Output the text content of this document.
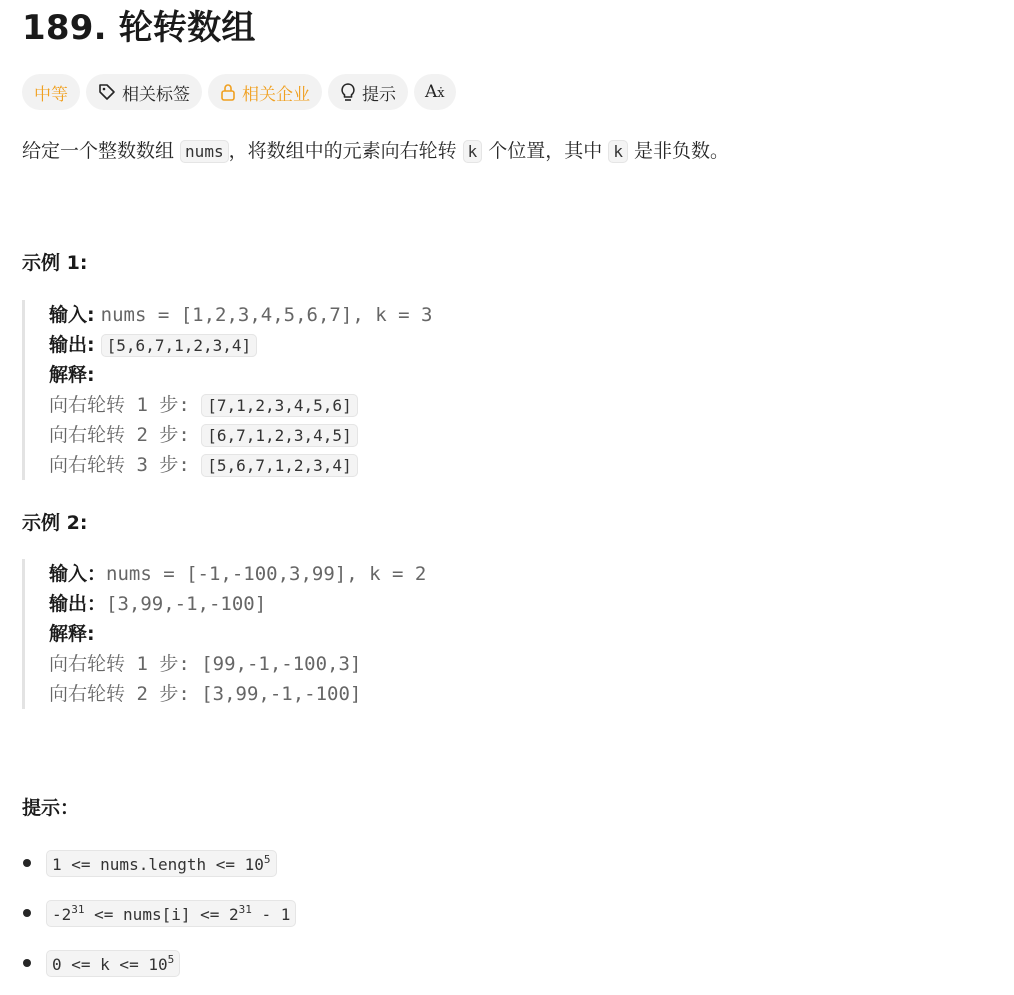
189. 轮转数组
中等	相关标签	相关企业	提示 Aẋ
给定一个整数数组 nums ，将数组中的元素向右轮转 k 个位置，其中 k 是非负数。
示例 1:
输入: nums = [1,2,3,4,5,6,7], k = 3
输出: [5,6,7,1,2,3,4]
解释:
向右轮转 1 步: [7,1,2,3,4,5,6]
向右轮转 2 步: [6,7,1,2,3,4,5]
向右轮转 3 步: [5,6,7,1,2,3,4]
示例 2:
输入：nums = [-1,-100,3,99], k = 2
输出：[3,99,-1,-100]
解释:
向右轮转 1 步: [99,-1,-100,3]
向右轮转 2 步: [3,99,-1,-100]
提示：
1 <= nums.length <= $10^5$
$-2^{31}$ <= nums[i] <= $2^{31} - 1$
$0 <= k <= 10^5$
